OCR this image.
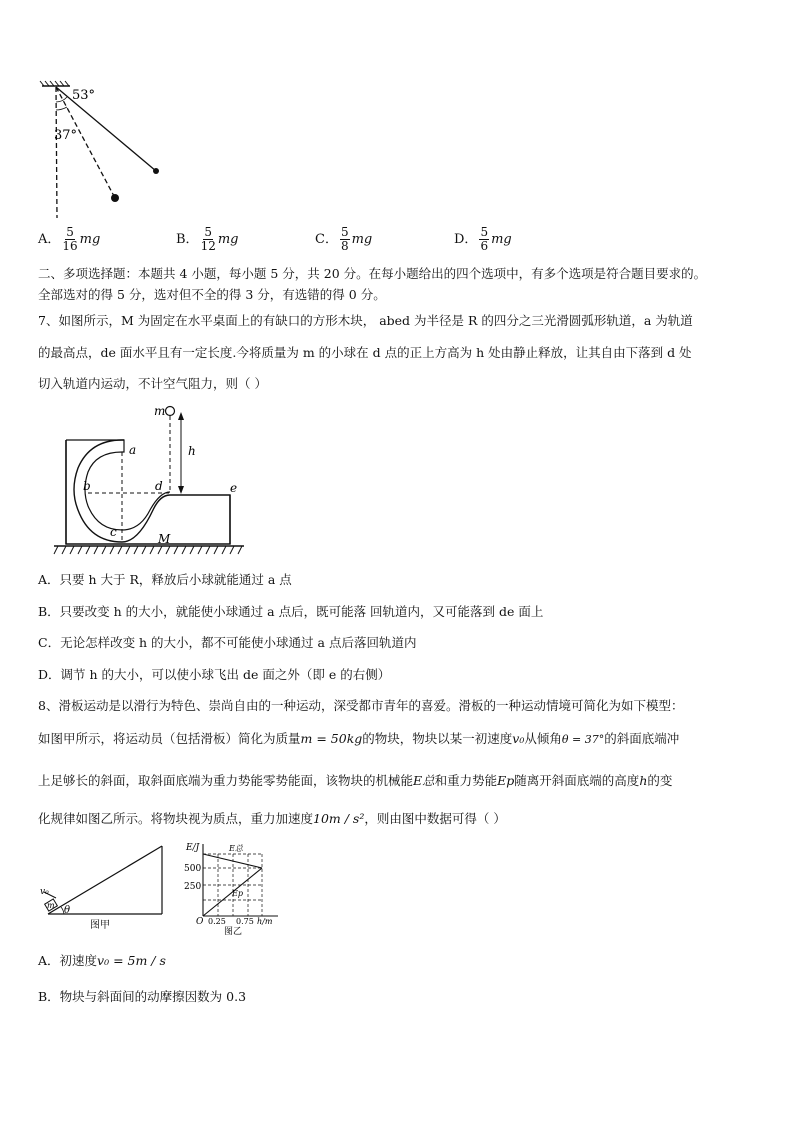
53°
37°
A． $\frac{5}{16}$ mg	B． $\frac{5}{12}$ mg	C． $\frac{5}{8}$ mg	D． $\frac{5}{6}$ mg
二、多项选择题：本题共 4 小题，每小题 5 分，共 20 分。在每小题给出的四个选项中，有多个选项是符合题目要求的。
全部选对的得 5 分，选对但不全的得 3 分，有选错的得 0 分。
7、如图所示，M 为固定在水平桌面上的有缺口的方形木块， abed 为半径是 R 的四分之三光滑圆弧形轨道，a 为轨道
的最高点，de 面水平且有一定长度.今将质量为 m 的小球在 d 点的正上方高为 h 处由静止释放，让其自由下落到 d 处
切入轨道内运动，不计空气阻力，则（ ）
m
h
a
b
c
d	e
M
A．只要 h 大于 R，释放后小球就能通过 a 点
B．只要改变 h 的大小，就能使小球通过 a 点后，既可能落 回轨道内，又可能落到 de 面上
C．无论怎样改变 h 的大小，都不可能使小球通过 a 点后落回轨道内
D．调节 h 的大小，可以使小球飞出 de 面之外（即 e 的右侧）
8、滑板运动是以滑行为特色、崇尚自由的一种运动，深受都市青年的喜爱。滑板的一种运动情境可简化为如下模型：
如图甲所示，将运动员（包括滑板）简化为质量m = 50kg的物块，物块以某一初速度v₀从倾角θ = 37°的斜面底端冲
上足够长的斜面，取斜面底端为重力势能零势能面，该物块的机械能E总和重力势能Ep随离开斜面底端的高度h的变
化规律如图乙所示。将物块视为质点，重力加速度10m / s²，则由图中数据可得（ ）
v₀
m θ
图甲
E/J	E总
Ep
500
250
O 0.25 0.75 h/m
图乙
A．初速度v₀ = 5m / s
B．物块与斜面间的动摩擦因数为 0.3
